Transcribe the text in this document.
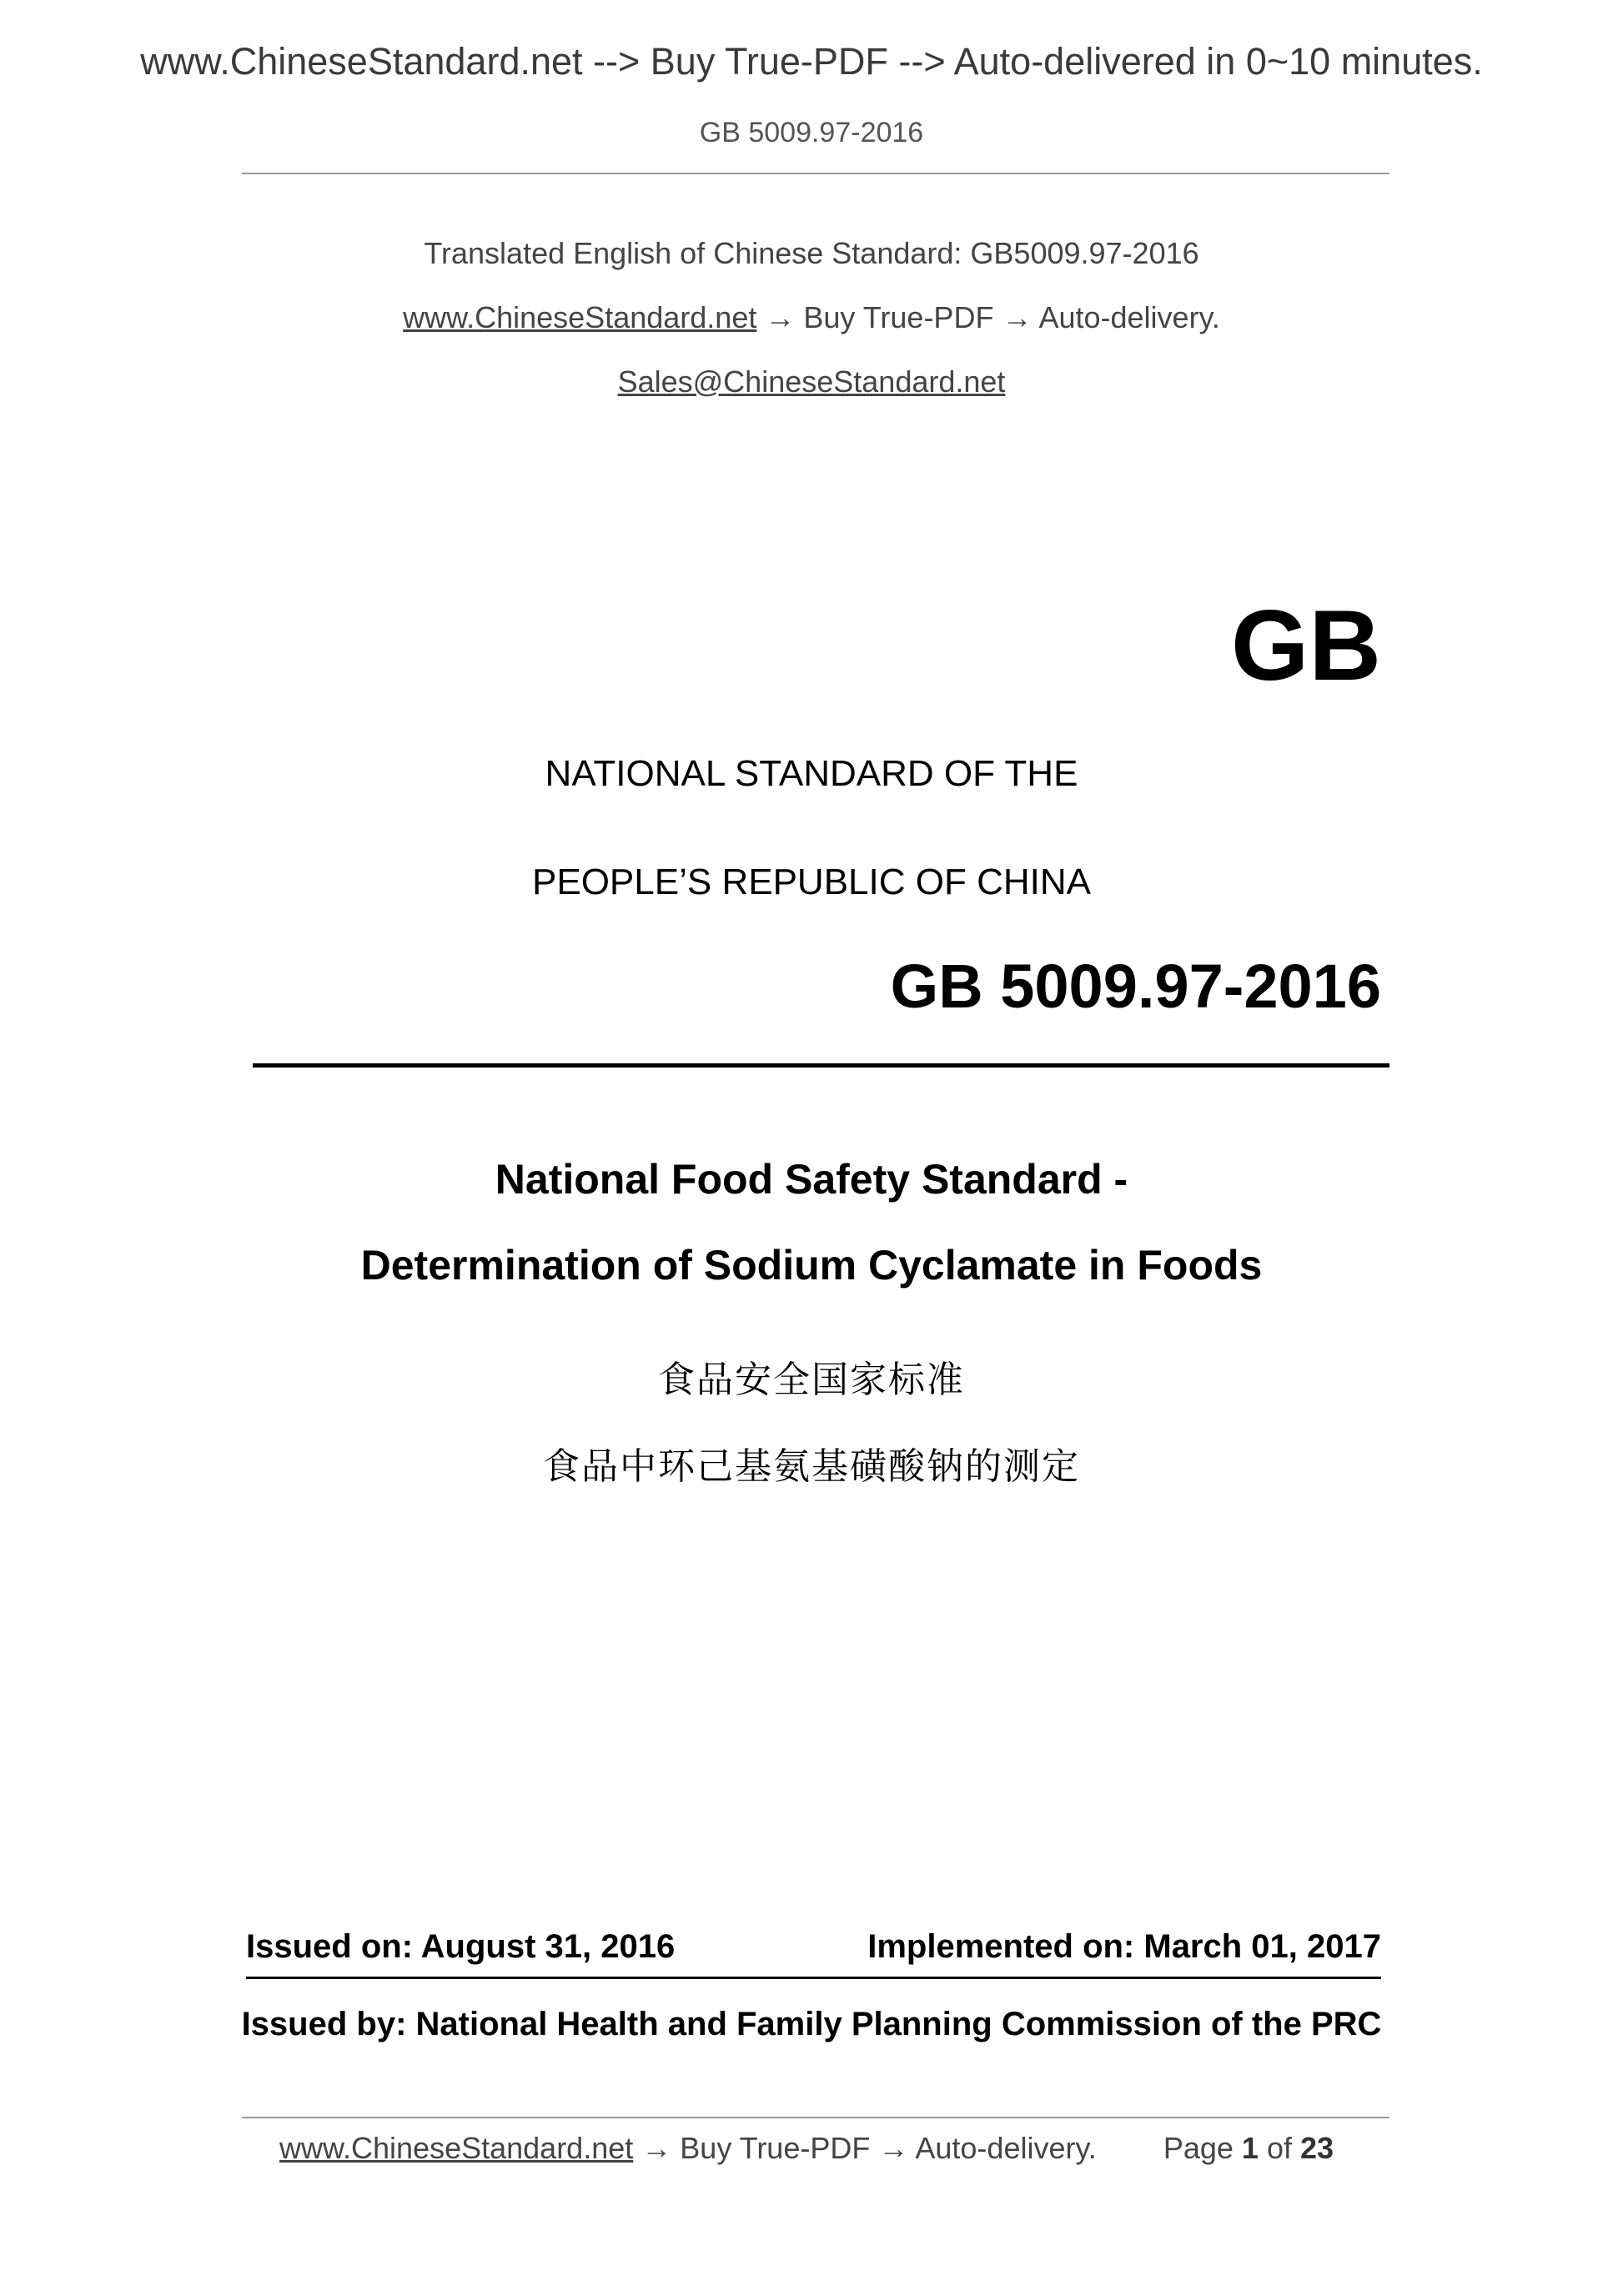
www.ChineseStandard.net --> Buy True-PDF --> Auto-delivered in 0~10 minutes.
GB 5009.97-2016
Translated English of Chinese Standard: GB5009.97-2016
www.ChineseStandard.net → Buy True-PDF → Auto-delivery.
Sales@ChineseStandard.net
GB
NATIONAL STANDARD OF THE
PEOPLE’S REPUBLIC OF CHINA
GB 5009.97-2016
National Food Safety Standard -
Determination of Sodium Cyclamate in Foods
食品安全国家标准
食品中环己基氨基磺酸钠的测定
Issued on: August 31, 2016	Implemented on: March 01, 2017
Issued by: National Health and Family Planning Commission of the PRC
www.ChineseStandard.net → Buy True-PDF → Auto-delivery. Page 1 of 23
